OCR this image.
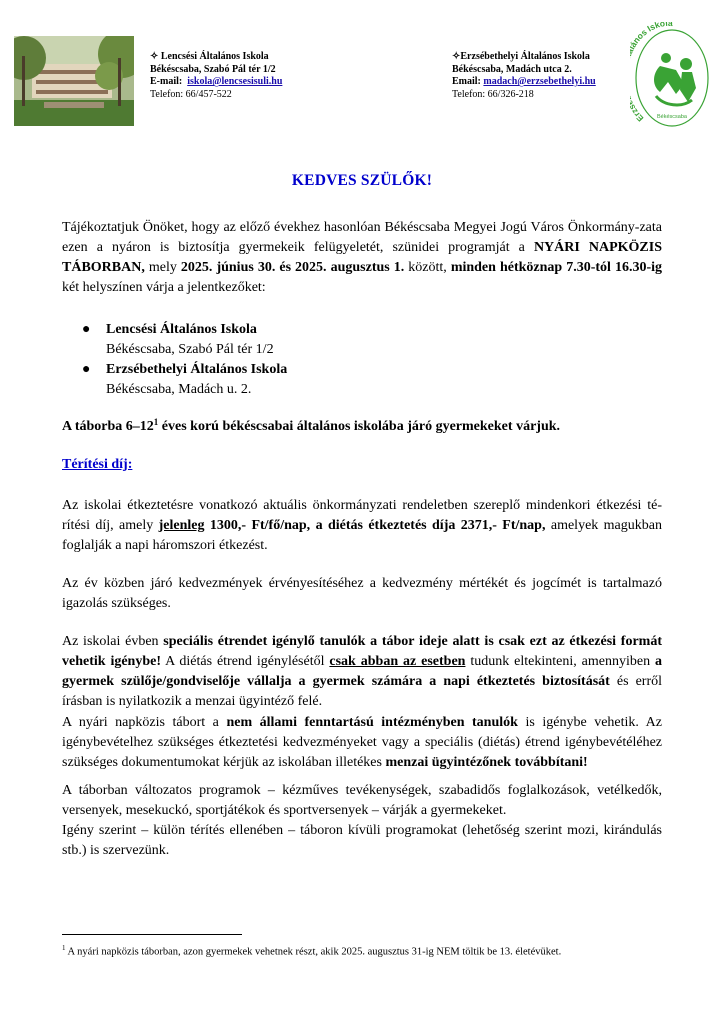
✧ Lencsési Általános Iskola
Békéscsaba, Szabó Pál tér 1/2
E-mail: iskola@lencsesisuli.hu
Telefon: 66/457-522
✧Erzsébethelyi Általános Iskola
Békéscsaba, Madách utca 2.
Email: madach@erzsebethelyi.hu
Telefon: 66/326-218
Erz nos Iskola
Békéscsaba
KEDVES SZÜLŐK!
Tájékoztatjuk Önöket, hogy az előző évekhez hasonlóan Békéscsaba Megyei Jogú Város Önkormány-zata ezen a nyáron is biztosítja gyermekeik felügyeletét, szünidei programját a NYÁRI NAPKÖZIS TÁBORBAN, mely 2025. június 30. és 2025. augusztus 1. között, minden hétköznap 7.30-tól 16.30-ig két helyszínen várja a jelentkezőket:
● Lencsési Általános Iskola
Békéscsaba, Szabó Pál tér 1/2
● Erzsébethelyi Általános Iskola
Békéscsaba, Madách u. 2.
A táborba $6-12^1$ éves korú békéscsabai általános iskolába járó gyermekeket várjuk.
Térítési díj:
Az iskolai étkeztetésre vonatkozó aktuális önkormányzati rendeletben szereplő mindenkori étkezési térítési díj, amely jelenleg 1300,- Ft/fő/nap, a diétás étkeztetés díja 2371,- Ft/nap, amelyek magukban foglalják a napi háromszori étkezést.
Az év közben járó kedvezmények érvényesítéséhez a kedvezmény mértékét és jogcímét is tartalmazó igazolás szükséges.
Az iskolai évben speciális étrendet igénylő tanulók a tábor ideje alatt is csak ezt az étkezési formát vehetik igénybe! A diétás étrend igénylésétől csak abban az esetben tudunk eltekinteni, amennyiben a gyermek szülője/gondviselője vállalja a gyermek számára a napi étkeztetés biztosítását és erről írásban is nyilatkozik a menzai ügyintéző felé.
A nyári napközis tábort a nem állami fenntartású intézményben tanulók is igénybe vehetik. Az igénybevételhez szükséges étkeztetési kedvezményeket vagy a speciális (diétás) étrend igénybevétéléhez szükséges dokumentumokat kérjük az iskolában illetékes menzai ügyintézőnek továbbítani!
A táborban változatos programok – kézműves tevékenységek, szabadidős foglalkozások, vetélkedők, versenyek, mesekuckó, sportjátékok és sportversenyek – várják a gyermekeket.
Igény szerint – külön térítés ellenében – táboron kívüli programokat (lehetőség szerint mozi, kirándulás stb.) is szervezünk.
$^1$ A nyári napközis táborban, azon gyermekek vehetnek részt, akik 2025. augusztus 31-ig NEM töltik be 13. életévüket.
